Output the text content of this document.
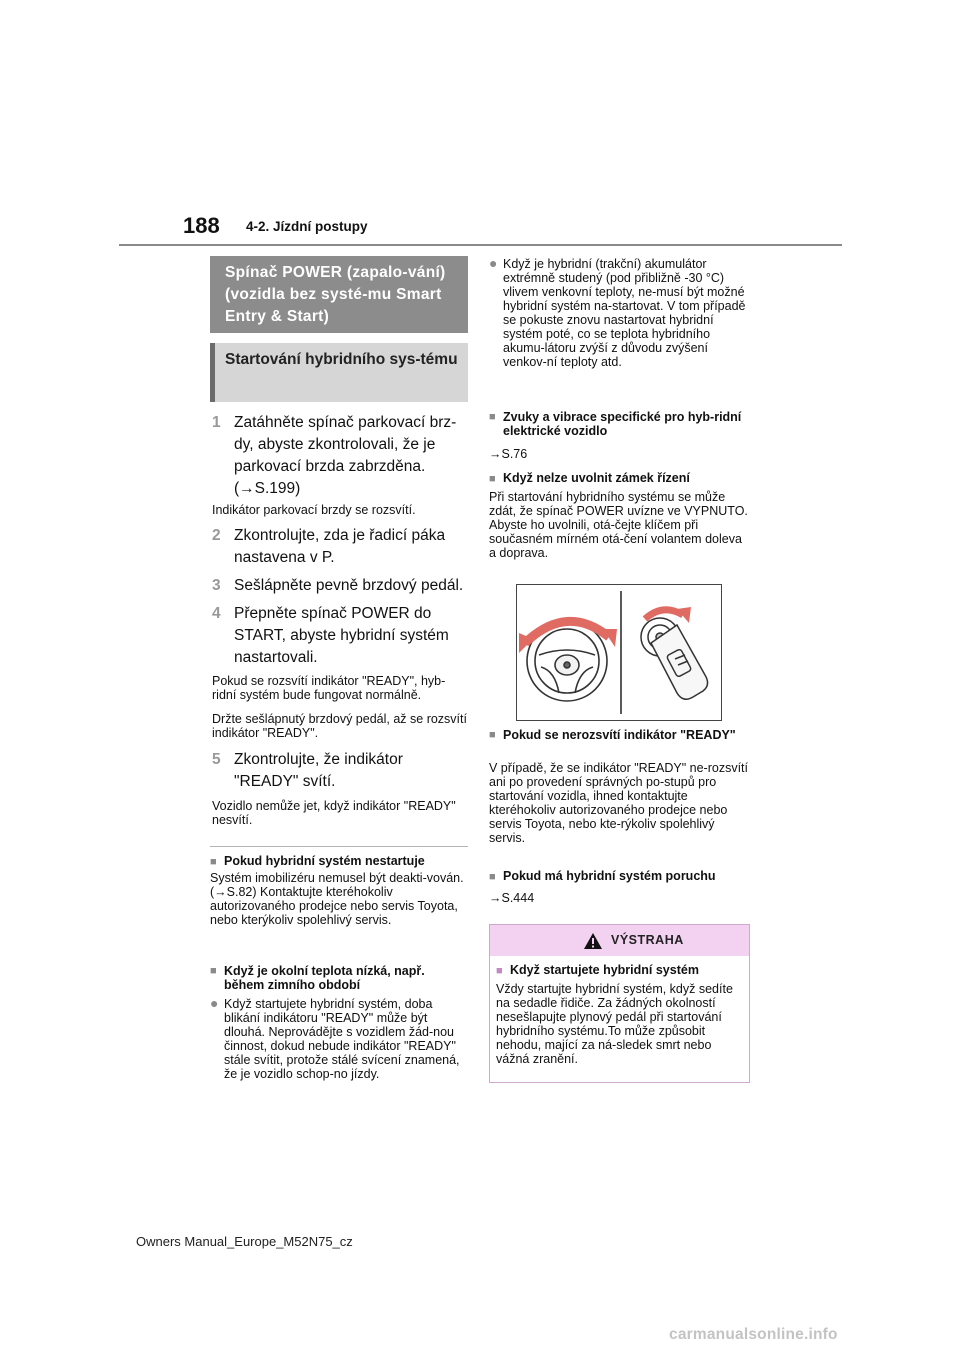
188 4-2. Jízdní postupy
Spínač POWER (zapalo-vání) (vozidla bez systé-mu Smart Entry & Start)
Startování hybridního sys-tému
1 Zatáhněte spínač parkovací brz-dy, abyste zkontrolovali, že je parkovací brzda zabrzděna. (→S.199)
Indikátor parkovací brzdy se rozsvítí.
2 Zkontrolujte, zda je řadicí páka nastavena v P.
3 Sešlápněte pevně brzdový pedál.
4 Přepněte spínač POWER do START, abyste hybridní systém nastartovali.
Pokud se rozsvítí indikátor "READY", hyb-ridní systém bude fungovat normálně.
Držte sešlápnutý brzdový pedál, až se rozsvítí indikátor "READY".
5 Zkontrolujte, že indikátor "READY" svítí.
Vozidlo nemůže jet, když indikátor "READY" nesvítí.
■ Pokud hybridní systém nestartuje
Systém imobilizéru nemusel být deakti-vován. (→S.82) Kontaktujte kteréhokoliv autorizovaného prodejce nebo servis Toyota, nebo kterýkoliv spolehlivý servis.
■ Když je okolní teplota nízká, např. během zimního období
● Když startujete hybridní systém, doba blikání indikátoru "READY" může být dlouhá. Neprovádějte s vozidlem žád-nou činnost, dokud nebude indikátor "READY" stále svítit, protože stálé svícení znamená, že je vozidlo schop-no jízdy.
● Když je hybridní (trakční) akumulátor extrémně studený (pod přibližně -30 °C) vlivem venkovní teploty, ne-musí být možné hybridní systém na-startovat. V tom případě se pokuste znovu nastartovat hybridní systém poté, co se teplota hybridního akumu-látoru zvýší z důvodu zvýšení venkov-ní teploty atd.
■ Zvuky a vibrace specifické pro hyb-ridní elektrické vozidlo
→S.76
■ Když nelze uvolnit zámek řízení
Při startování hybridního systému se může zdát, že spínač POWER uvízne ve VYPNUTO. Abyste ho uvolnili, otá-čejte klíčem při současném mírném otá-čení volantem doleva a doprava.
■ Pokud se nerozsvítí indikátor "READY"
V případě, že se indikátor "READY" ne-rozsvítí ani po provedení správných po-stupů pro startování vozidla, ihned kontaktujte kteréhokoliv autorizovaného prodejce nebo servis Toyota, nebo kte-rýkoliv spolehlivý servis.
■ Pokud má hybridní systém poruchu
→S.444
VÝSTRAHA
■ Když startujete hybridní systém
Vždy startujte hybridní systém, když sedíte na sedadle řidiče. Za žádných okolností nesešlapujte plynový pedál při startování hybridního systému.To může způsobit nehodu, mající za ná-sledek smrt nebo vážná zranění.
Owners Manual_Europe_M52N75_cz
carmanualsonline.info
